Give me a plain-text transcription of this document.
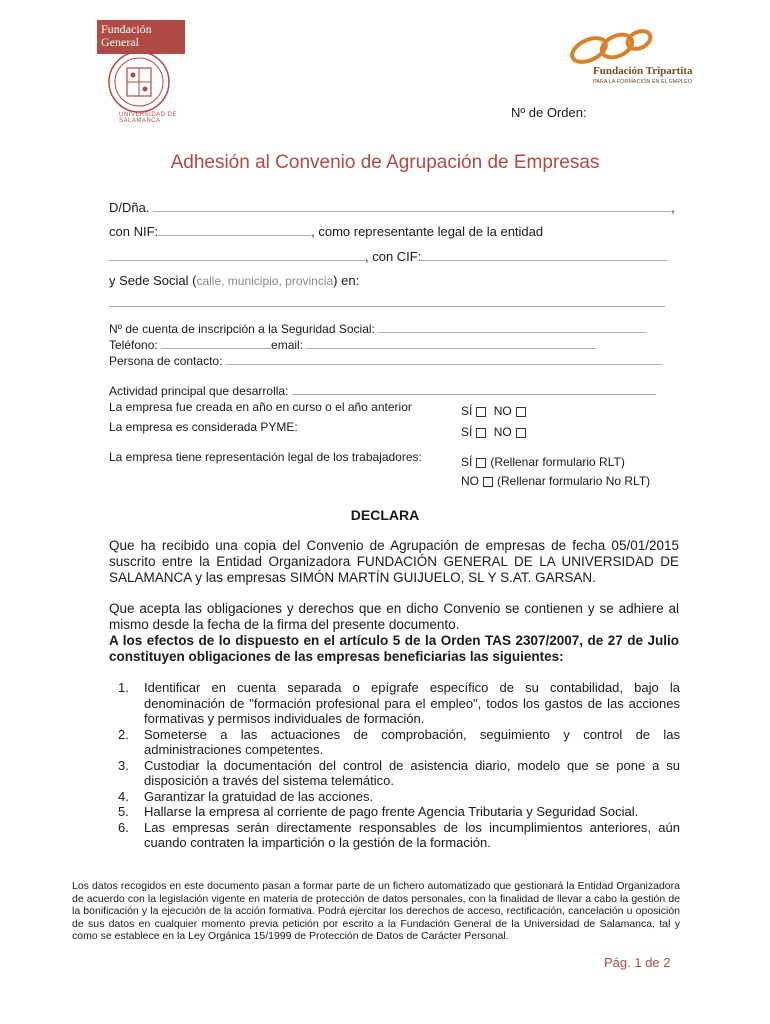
Fundación
General
UNIVERSIDAD DE SALAMANCA
Fundación Tripartita
PARA LA FORMACIÓN EN EL EMPLEO
Nº de Orden:
Adhesión al Convenio de Agrupación de Empresas
D/Dña.	,
con NIF:	, como representante legal de la entidad
, con CIF:
y Sede Social (calle, municipio, provincia) en:
Nº de cuenta de inscripción a la Seguridad Social:
Teléfono:	email:
Persona de contacto:
Actividad principal que desarrolla:
La empresa fue creada en año en curso o el año anterior	SÍ NO
La empresa es considerada PYME:	SÍ NO
La empresa tiene representación legal de los trabajadores:	SÍ (Rellenar formulario RLT)
NO (Rellenar formulario No RLT)
DECLARA
Que ha recibido una copia del Convenio de Agrupación de empresas de fecha 05/01/2015 suscrito entre la Entidad Organizadora FUNDACIÓN GENERAL DE LA UNIVERSIDAD DE SALAMANCA y las empresas SIMÓN MARTÍN GUIJUELO, SL Y S.AT. GARSAN.
Que acepta las obligaciones y derechos que en dicho Convenio se contienen y se adhiere al mismo desde la fecha de la firma del presente documento.
A los efectos de lo dispuesto en el artículo 5 de la Orden TAS 2307/2007, de 27 de Julio constituyen obligaciones de las empresas beneficiarias las siguientes:
1. Identificar en cuenta separada o epígrafe específico de su contabilidad, bajo la denominación de "formación profesional para el empleo", todos los gastos de las acciones formativas y permisos individuales de formación.
2. Someterse a las actuaciones de comprobación, seguimiento y control de las administraciones competentes.
3. Custodiar la documentación del control de asistencia diario, modelo que se pone a su disposición a través del sistema telemático.
4. Garantizar la gratuidad de las acciones.
5. Hallarse la empresa al corriente de pago frente Agencia Tributaria y Seguridad Social.
6. Las empresas serán directamente responsables de los incumplimientos anteriores, aún cuando contraten la impartición o la gestión de la formación.
Los datos recogidos en este documento pasan a formar parte de un fichero automatizado que gestionará la Entidad Organizadora de acuerdo con la legislación vigente en materia de protección de datos personales, con la finalidad de llevar a cabo la gestión de la bonificación y la ejecución de la acción formativa. Podrá ejercitar los derechos de acceso, rectificación, cancelación u oposición de sus datos en cualquier momento previa petición por escrito a la Fundación General de la Universidad de Salamanca, tal y como se establece en la Ley Orgánica 15/1999 de Protección de Datos de Carácter Personal.
Pág. 1 de 2
